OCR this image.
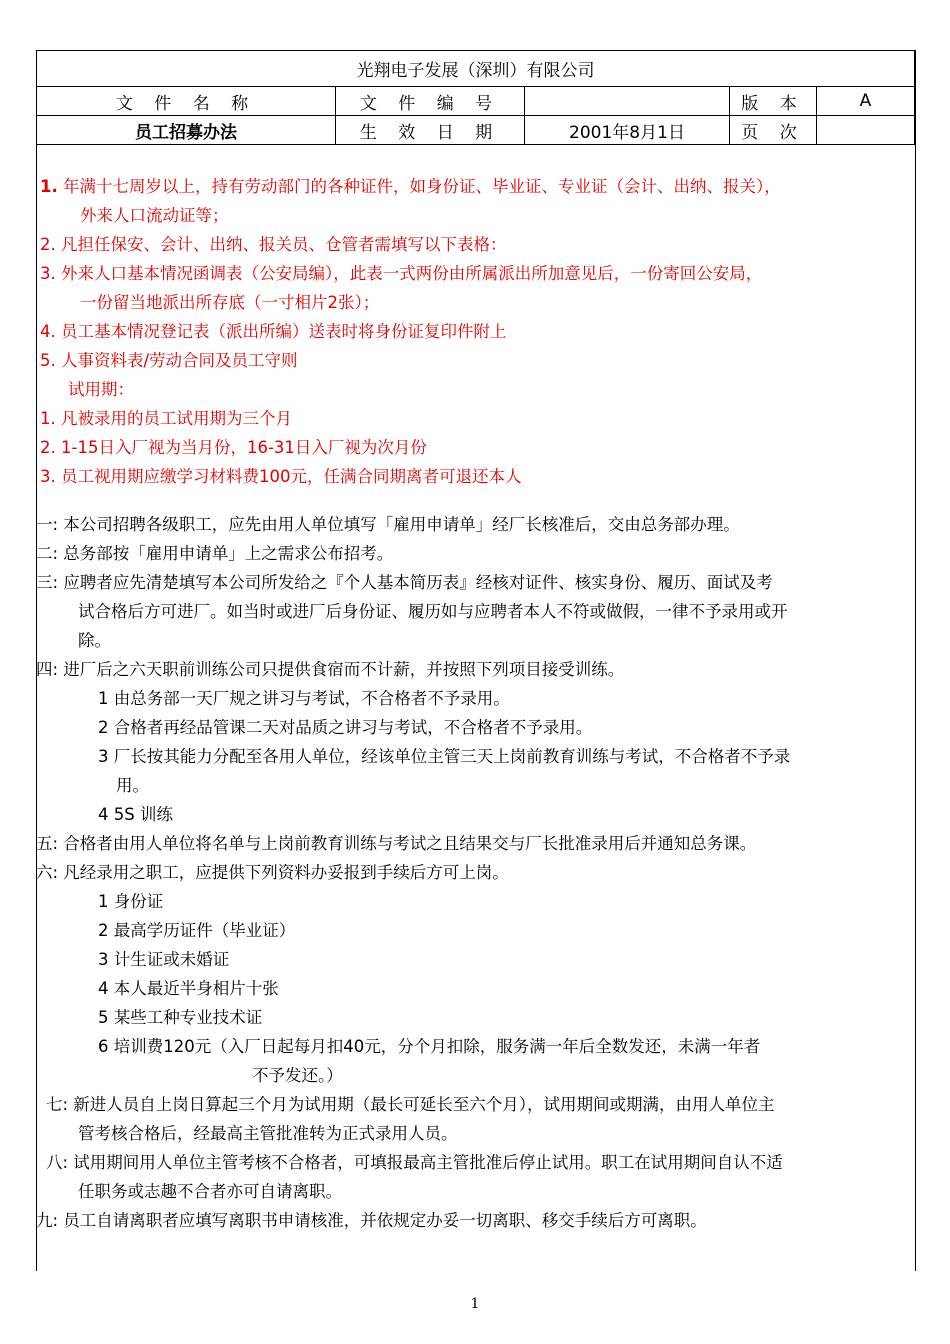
光翔电子发展（深圳）有限公司				
文 件 名 称	文 件 编 号		版 本	A
员工招募办法	生 效 日 期	2001年8月1日	页 次	
1. 年满十七周岁以上，持有劳动部门的各种证件，如身份证、毕业证、专业证（会计、出纳、报关），
外来人口流动证等；
2. 凡担任保安、会计、出纳、报关员、仓管者需填写以下表格：
3. 外来人口基本情况函调表（公安局编），此表一式两份由所属派出所加意见后，一份寄回公安局，
一份留当地派出所存底（一寸相片2张）；
4. 员工基本情况登记表（派出所编）送表时将身份证复印件附上
5. 人事资料表/劳动合同及员工守则
试用期：
1. 凡被录用的员工试用期为三个月
2. 1-15日入厂视为当月份，16-31日入厂视为次月份
3. 员工视用期应缴学习材料费100元，任满合同期离者可退还本人
一: 本公司招聘各级职工，应先由用人单位填写「雇用申请单」经厂长核准后，交由总务部办理。
二: 总务部按「雇用申请单」上之需求公布招考。
三: 应聘者应先清楚填写本公司所发给之『个人基本简历表』经核对证件、核实身份、履历、面试及考
试合格后方可进厂。如当时或进厂后身份证、履历如与应聘者本人不符或做假，一律不予录用或开
除。
四: 进厂后之六天职前训练公司只提供食宿而不计薪，并按照下列项目接受训练。
1 由总务部一天厂规之讲习与考试，不合格者不予录用。
2 合格者再经品管课二天对品质之讲习与考试，不合格者不予录用。
3 厂长按其能力分配至各用人单位，经该单位主管三天上岗前教育训练与考试，不合格者不予录
用。
4 5S 训练
五: 合格者由用人单位将名单与上岗前教育训练与考试之且结果交与厂长批准录用后并通知总务课。
六: 凡经录用之职工，应提供下列资料办妥报到手续后方可上岗。
1 身份证
2 最高学历证件（毕业证）
3 计生证或未婚证
4 本人最近半身相片十张
5 某些工种专业技术证
6 培训费120元（入厂日起每月扣40元，分个月扣除，服务满一年后全数发还，未满一年者
不予发还。）
七: 新进人员自上岗日算起三个月为试用期（最长可延长至六个月），试用期间或期满，由用人单位主
管考核合格后，经最高主管批准转为正式录用人员。
八: 试用期间用人单位主管考核不合格者，可填报最高主管批准后停止试用。职工在试用期间自认不适
任职务或志趣不合者亦可自请离职。
九: 员工自请离职者应填写离职书申请核准，并依规定办妥一切离职、移交手续后方可离职。
1
